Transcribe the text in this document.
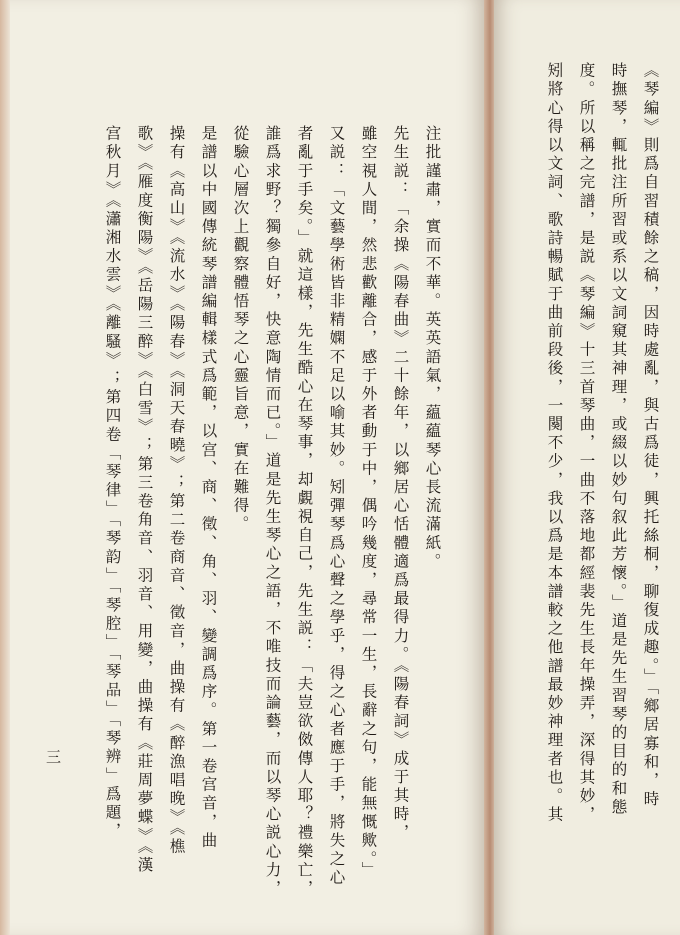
注批謹肅，實而不華。英英語氣，藴藴琴心長流滿紙。
先生説：「余操《陽春曲》二十餘年，以鄉居心恬體適爲最得力。《陽春詞》成于其時，
雖空視人間，然悲歡離合，感于外者動于中，偶吟幾度，尋常一生，長辭之句，能無慨歟。」
又説：「文藝學術皆非精嫻不足以喻其妙。矧彈琴爲心聲之學乎，得之心者應于手，將失之心
者亂于手矣。」就這樣，先生酷心在琴事，却覷視自己，先生説：「夫豈欲傚傳人耶？禮樂亡，
誰爲求野？獨參自好，快意陶情而已。」道是先生琴心之語，不唯技而論藝，而以琴心説心力，
從驗心層次上觀察體悟琴之心靈旨意，實在難得。
是譜以中國傳統琴譜編輯樣式爲範，以宫、商、徵、角、羽、變調爲序。第一卷宫音，曲
操有《高山》《流水》《陽春》《洞天春曉》；第二卷商音、徵音，曲操有《醉漁唱晚》《樵
歌》《雁度衡陽》《岳陽三醉》《白雪》；第三卷角音、羽音、用變，曲操有《莊周夢蝶》《漢
宫秋月》《瀟湘水雲》《離騷》；第四卷「琴律」「琴韵」「琴腔」「琴品」「琴辨」爲題，
三	《琴編》則爲自習積餘之稿，因時處亂，與古爲徒，興托絲桐，聊復成趣。」「鄉居寡和，時
時撫琴，輒批注所習或系以文詞窺其神理，或綴以妙句叙此芳懷。」道是先生習琴的目的和態
度。所以稱之完譜，是説《琴編》十三首琴曲，一曲不落地都經裴先生長年操弄，深得其妙，
矧將心得以文詞、歌詩暢賦于曲前段後，一闋不少，我以爲是本譜較之他譜最妙神理者也。其
